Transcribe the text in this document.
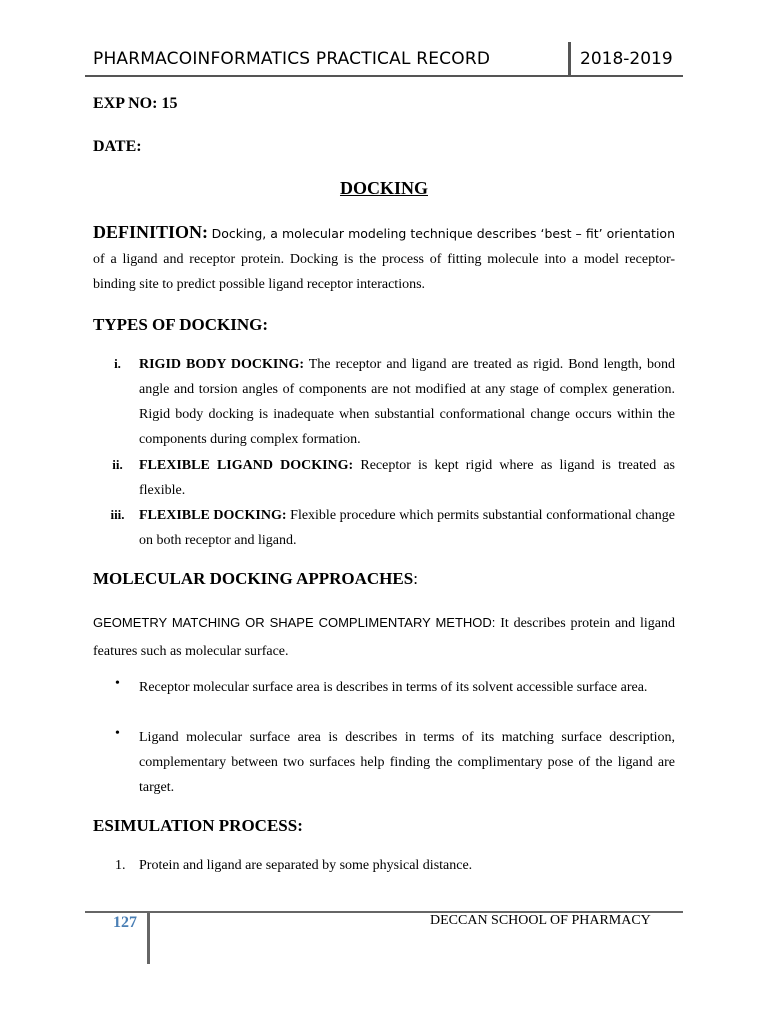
PHARMACOINFORMATICS PRACTICAL RECORD	2018-2019
EXP NO: 15
DATE:
DOCKING
DEFINITION: Docking, a molecular modeling technique describes ‘best – fit’ orientation of a ligand and receptor protein. Docking is the process of fitting molecule into a model receptor-binding site to predict possible ligand receptor interactions.
TYPES OF DOCKING:
i.	RIGID BODY DOCKING: The receptor and ligand are treated as rigid. Bond length, bond angle and torsion angles of components are not modified at any stage of complex generation. Rigid body docking is inadequate when substantial conformational change occurs within the components during complex formation.
ii.	FLEXIBLE LIGAND DOCKING: Receptor is kept rigid where as ligand is treated as flexible.
iii.	FLEXIBLE DOCKING: Flexible procedure which permits substantial conformational change on both receptor and ligand.
MOLECULAR DOCKING APPROACHES:
GEOMETRY MATCHING OR SHAPE COMPLIMENTARY METHOD: It describes protein and ligand features such as molecular surface.
• Receptor molecular surface area is describes in terms of its solvent accessible surface area.
• Ligand molecular surface area is describes in terms of its matching surface description, complementary between two surfaces help finding the complimentary pose of the ligand are target.
ESIMULATION PROCESS:
1. Protein and ligand are separated by some physical distance.
127	DECCAN SCHOOL OF PHARMACY
